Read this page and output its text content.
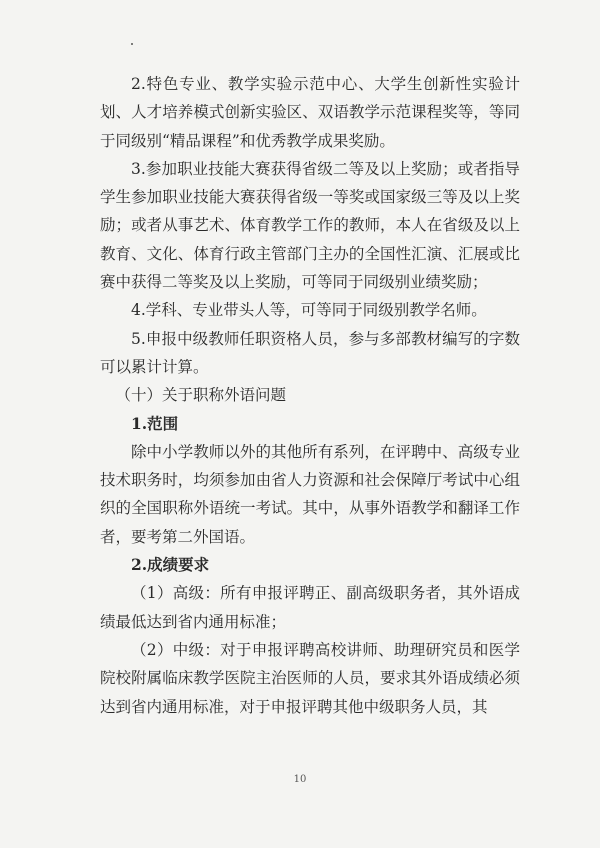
2.特色专业、教学实验示范中心、大学生创新性实验计划、人才培养模式创新实验区、双语教学示范课程奖等，等同于同级别“精品课程”和优秀教学成果奖励。

3.参加职业技能大赛获得省级二等及以上奖励；或者指导学生参加职业技能大赛获得省级一等奖或国家级三等及以上奖励；或者从事艺术、体育教学工作的教师，本人在省级及以上教育、文化、体育行政主管部门主办的全国性汇演、汇展或比赛中获得二等奖及以上奖励，可等同于同级别业绩奖励；

4.学科、专业带头人等，可等同于同级别教学名师。

5.申报中级教师任职资格人员，参与多部教材编写的字数可以累计计算。

（十）关于职称外语问题

1.范围

除中小学教师以外的其他所有系列，在评聘中、高级专业技术职务时，均须参加由省人力资源和社会保障厅考试中心组织的全国职称外语统一考试。其中，从事外语教学和翻译工作者，要考第二外国语。

2.成绩要求

（1）高级：所有申报评聘正、副高级职务者，其外语成绩最低达到省内通用标准；

（2）中级：对于申报评聘高校讲师、助理研究员和医学院校附属临床教学医院主治医师的人员，要求其外语成绩必须达到省内通用标准，对于申报评聘其他中级职务人员，其

10
